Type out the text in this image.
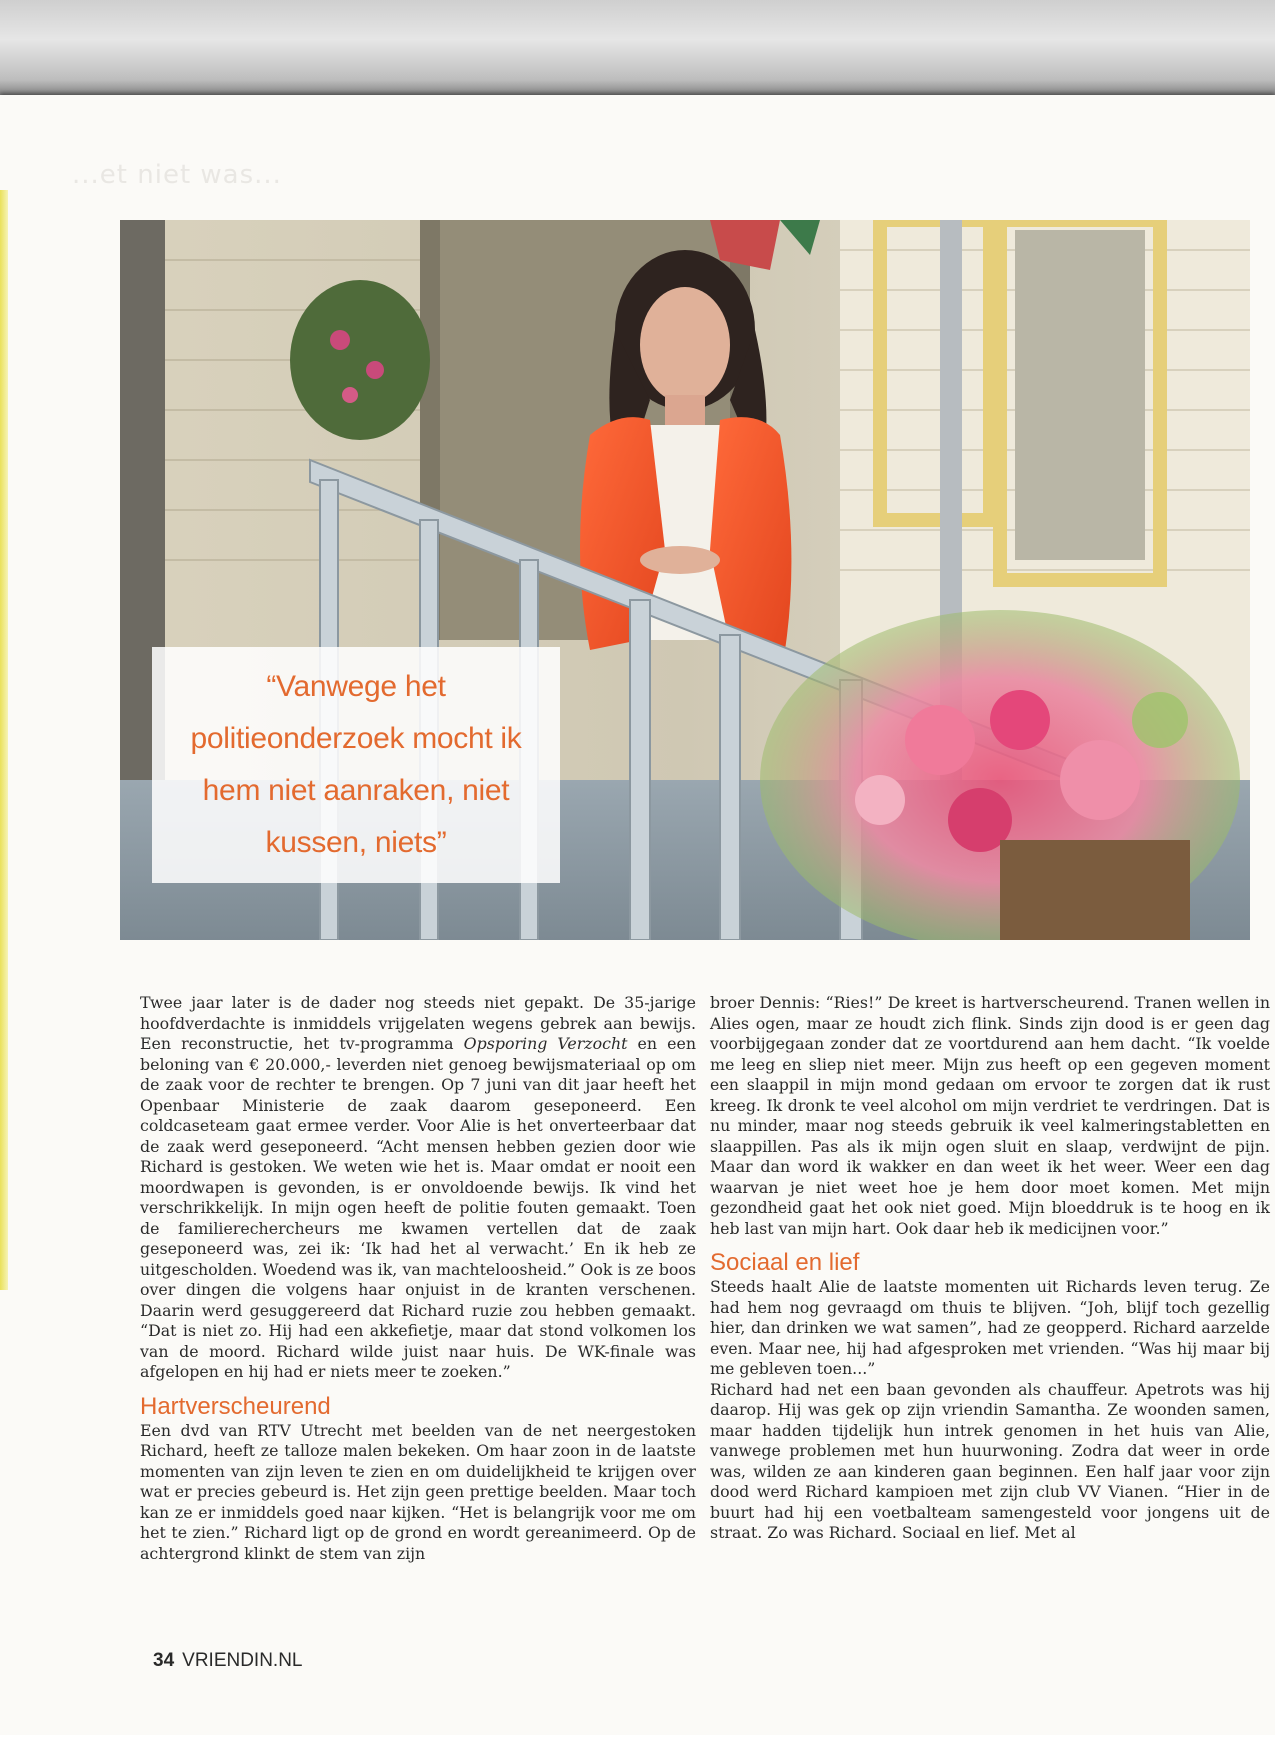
...et niet was...
“Vanwege het politieonderzoek mocht ik hem niet aanraken, niet kussen, niets”

Twee jaar later is de dader nog steeds niet gepakt. De 35-jarige hoofdverdachte is inmiddels vrijgelaten wegens gebrek aan bewijs. Een reconstructie, het tv-programma Opsporing Verzocht en een beloning van € 20.000,- leverden niet genoeg bewijsmateriaal op om de zaak voor de rechter te brengen. Op 7 juni van dit jaar heeft het Openbaar Ministerie de zaak daarom geseponeerd. Een coldcaseteam gaat ermee verder. Voor Alie is het onverteerbaar dat de zaak werd geseponeerd. “Acht mensen hebben gezien door wie Richard is gestoken. We weten wie het is. Maar omdat er nooit een moordwapen is gevonden, is er onvoldoende bewijs. Ik vind het verschrikkelijk. In mijn ogen heeft de politie fouten gemaakt. Toen de familierechercheurs me kwamen vertellen dat de zaak geseponeerd was, zei ik: ‘Ik had het al verwacht.’ En ik heb ze uitgescholden. Woedend was ik, van machteloosheid.” Ook is ze boos over dingen die volgens haar onjuist in de kranten verschenen. Daarin werd gesuggereerd dat Richard ruzie zou hebben gemaakt. “Dat is niet zo. Hij had een akkefietje, maar dat stond volkomen los van de moord. Richard wilde juist naar huis. De WK-finale was afgelopen en hij had er niets meer te zoeken.”

Hartverscheurend

Een dvd van RTV Utrecht met beelden van de net neergestoken Richard, heeft ze talloze malen bekeken. Om haar zoon in de laatste momenten van zijn leven te zien en om duidelijkheid te krijgen over wat er precies gebeurd is. Het zijn geen prettige beelden. Maar toch kan ze er inmiddels goed naar kijken. “Het is belangrijk voor me om het te zien.” Richard ligt op de grond en wordt gereanimeerd. Op de achtergrond klinkt de stem van zijn

broer Dennis: “Ries!” De kreet is hartverscheurend. Tranen wellen in Alies ogen, maar ze houdt zich flink. Sinds zijn dood is er geen dag voorbijgegaan zonder dat ze voortdurend aan hem dacht. “Ik voelde me leeg en sliep niet meer. Mijn zus heeft op een gegeven moment een slaappil in mijn mond gedaan om ervoor te zorgen dat ik rust kreeg. Ik dronk te veel alcohol om mijn verdriet te verdringen. Dat is nu minder, maar nog steeds gebruik ik veel kalmeringstabletten en slaappillen. Pas als ik mijn ogen sluit en slaap, verdwijnt de pijn. Maar dan word ik wakker en dan weet ik het weer. Weer een dag waarvan je niet weet hoe je hem door moet komen. Met mijn gezondheid gaat het ook niet goed. Mijn bloeddruk is te hoog en ik heb last van mijn hart. Ook daar heb ik medicijnen voor.”

Sociaal en lief

Steeds haalt Alie de laatste momenten uit Richards leven terug. Ze had hem nog gevraagd om thuis te blijven. “Joh, blijf toch gezellig hier, dan drinken we wat samen”, had ze geopperd. Richard aarzelde even. Maar nee, hij had afgesproken met vrienden. “Was hij maar bij me gebleven toen...”

Richard had net een baan gevonden als chauffeur. Apetrots was hij daarop. Hij was gek op zijn vriendin Samantha. Ze woonden samen, maar hadden tijdelijk hun intrek genomen in het huis van Alie, vanwege problemen met hun huurwoning. Zodra dat weer in orde was, wilden ze aan kinderen gaan beginnen. Een half jaar voor zijn dood werd Richard kampioen met zijn club VV Vianen. “Hier in de buurt had hij een voetbalteam samengesteld voor jongens uit de straat. Zo was Richard. Sociaal en lief. Met al

34 VRIENDIN.NL
